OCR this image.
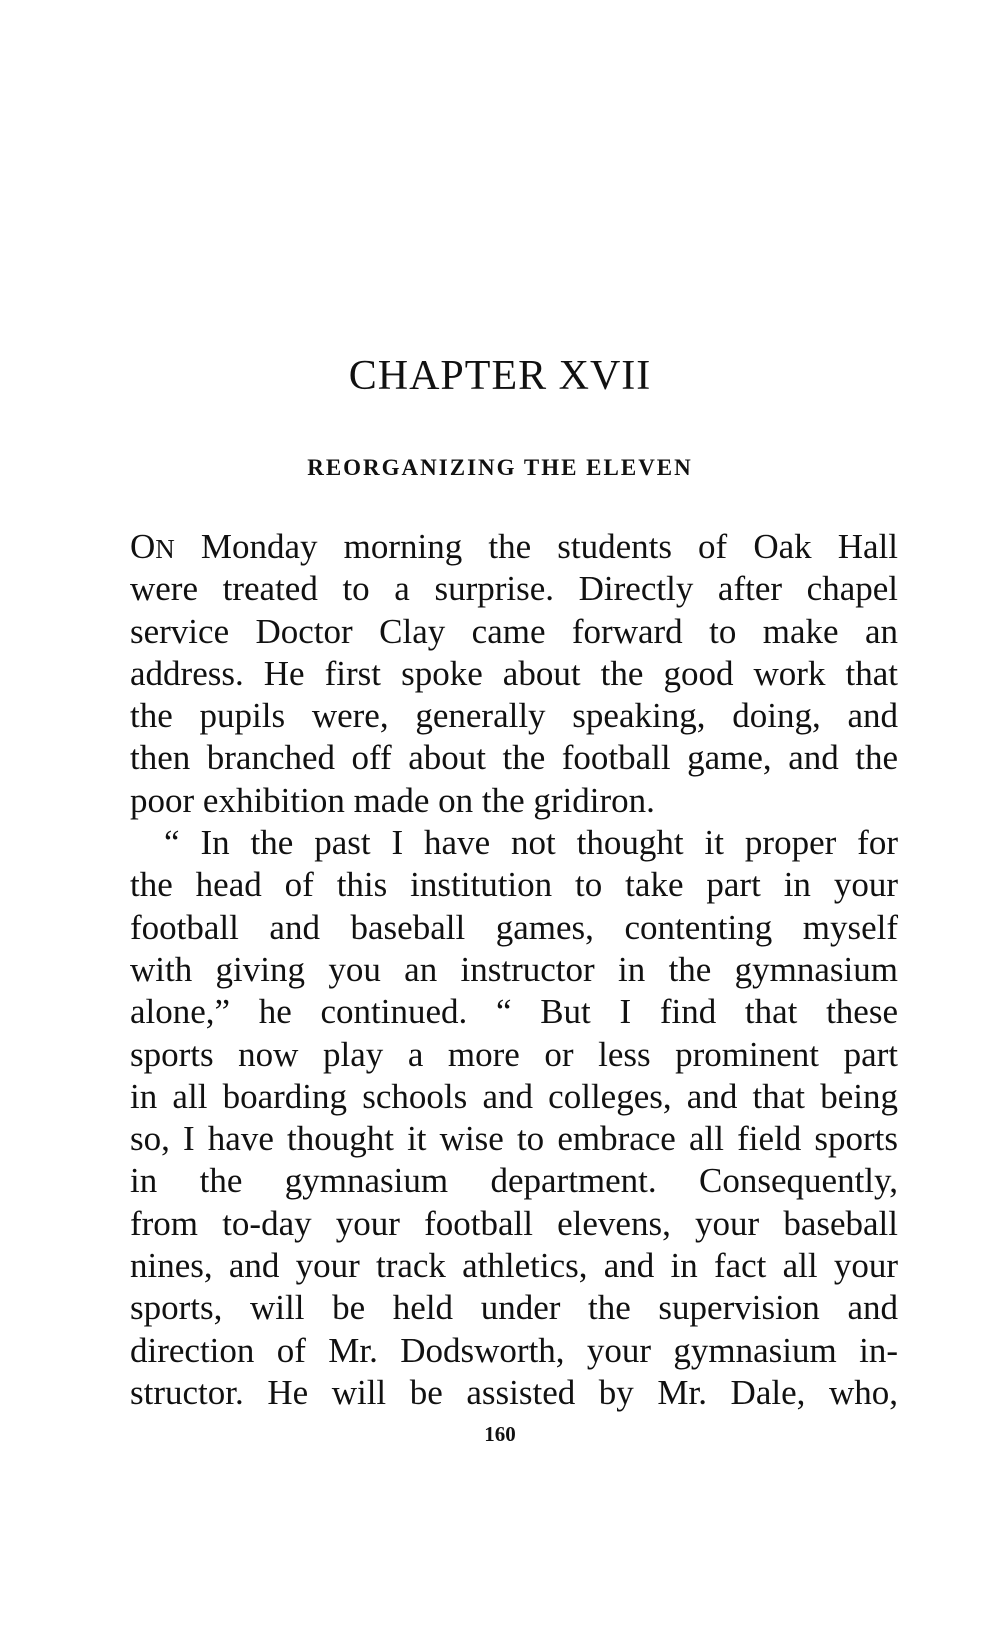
CHAPTER XVII
REORGANIZING THE ELEVEN
ON Monday morning the students of Oak Hall
were treated to a surprise. Directly after chapel
service Doctor Clay came forward to make an
address. He first spoke about the good work that
the pupils were, generally speaking, doing, and
then branched off about the football game, and the
poor exhibition made on the gridiron.
“ In the past I have not thought it proper for
the head of this institution to take part in your
football and baseball games, contenting myself
with giving you an instructor in the gymnasium
alone,” he continued. “ But I find that these
sports now play a more or less prominent part
in all boarding schools and colleges, and that being
so, I have thought it wise to embrace all field sports
in the gymnasium department. Consequently,
from to-day your football elevens, your baseball
nines, and your track athletics, and in fact all your
sports, will be held under the supervision and
direction of Mr. Dodsworth, your gymnasium in-
structor. He will be assisted by Mr. Dale, who,
160
